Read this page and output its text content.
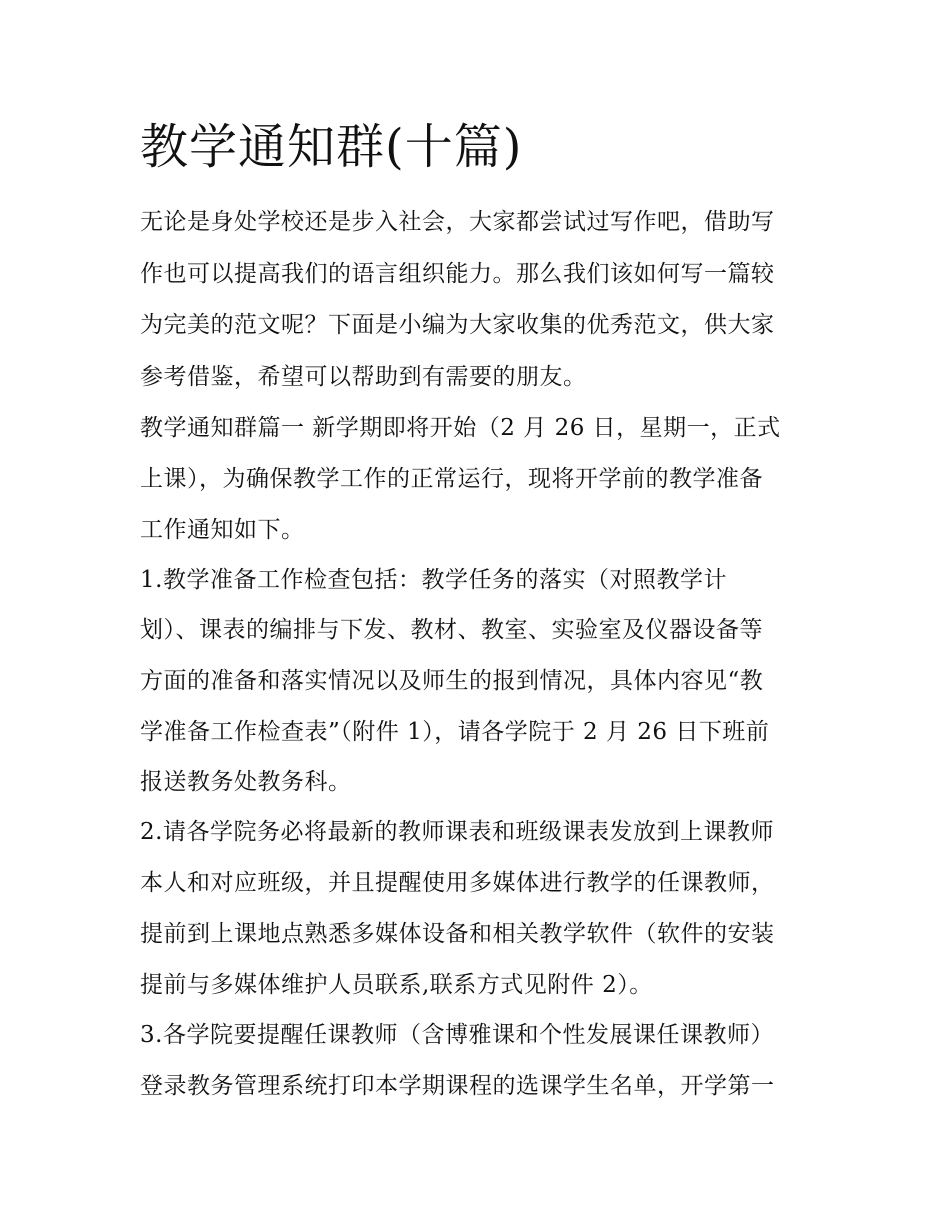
教学通知群(十篇)
无论是身处学校还是步入社会，大家都尝试过写作吧，借助写
作也可以提高我们的语言组织能力。那么我们该如何写一篇较
为完美的范文呢？下面是小编为大家收集的优秀范文，供大家
参考借鉴，希望可以帮助到有需要的朋友。
教学通知群篇一 新学期即将开始（2 月 26 日，星期一，正式
上课），为确保教学工作的正常运行，现将开学前的教学准备
工作通知如下。
1.教学准备工作检查包括：教学任务的落实（对照教学计
划）、课表的编排与下发、教材、教室、实验室及仪器设备等
方面的准备和落实情况以及师生的报到情况，具体内容见“教
学准备工作检查表”（附件 1），请各学院于 2 月 26 日下班前
报送教务处教务科。
2.请各学院务必将最新的教师课表和班级课表发放到上课教师
本人和对应班级，并且提醒使用多媒体进行教学的任课教师，
提前到上课地点熟悉多媒体设备和相关教学软件（软件的安装
提前与多媒体维护人员联系,联系方式见附件 2）。
3.各学院要提醒任课教师（含博雅课和个性发展课任课教师）
登录教务管理系统打印本学期课程的选课学生名单，开学第一
